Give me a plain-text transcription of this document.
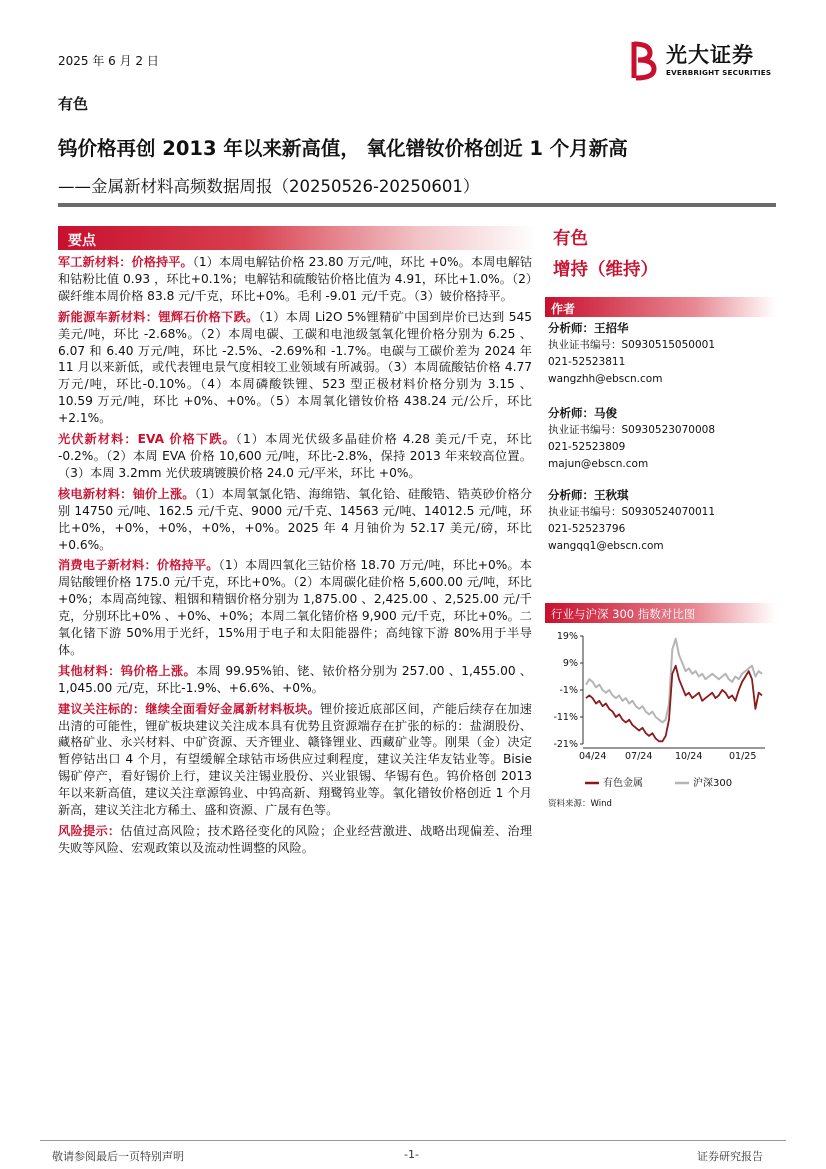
2025 年 6 月 2 日	光大证券
EVERBRIGHT SECURITIES
有色
钨价格再创 2013 年以来新高值， 氧化镨钕价格创近 1 个月新高
——金属新材料高频数据周报（20250526-20250601）
要点

军工新材料：价格持平。（1）本周电解钴价格 23.80 万元/吨，环比 +0%。本周电解钴和钴粉比值 0.93 ，环比+0.1%；电解钴和硫酸钴价格比值为 4.91，环比+1.0%。（2）碳纤维本周价格 83.8 元/千克，环比+0%。毛利 -9.01 元/千克。（3）铍价格持平。

新能源车新材料：锂辉石价格下跌。（1）本周 Li2O 5%锂精矿中国到岸价已达到 545 美元/吨，环比 -2.68%。（2）本周电碳、工碳和电池级氢氧化锂价格分别为 6.25 、6.07 和 6.40 万元/吨，环比 -2.5%、-2.69%和 -1.7%。电碳与工碳价差为 2024 年 11 月以来新低，或代表锂电景气度相较工业领域有所减弱。（3）本周硫酸钴价格 4.77 万元/吨，环比-0.10%。（4）本周磷酸铁锂、523 型正极材料价格分别为 3.15 、10.59 万元/吨，环比 +0%、+0%。（5）本周氧化镨钕价格 438.24 元/公斤，环比+2.1%。

光伏新材料：EVA 价格下跌。（1）本周光伏级多晶硅价格 4.28 美元/千克，环比 -0.2%。（2）本周 EVA 价格 10,600 元/吨，环比-2.8%，保持 2013 年来较高位置。（3）本周 3.2mm 光伏玻璃镀膜价格 24.0 元/平米，环比 +0%。

核电新材料：铀价上涨。（1）本周氧氯化锆、海绵锆、氧化铪、硅酸锆、锆英砂价格分别 14750 元/吨、162.5 元/千克、9000 元/千克、14563 元/吨、14012.5 元/吨，环比+0%，+0%，+0%，+0%，+0%。2025 年 4 月铀价为 52.17 美元/磅，环比+0.6%。

消费电子新材料：价格持平。（1）本周四氧化三钴价格 18.70 万元/吨，环比+0%。本周钴酸锂价格 175.0 元/千克，环比+0%。（2）本周碳化硅价格 5,600.00 元/吨，环比 +0%；本周高纯镓、粗铟和精铟价格分别为 1,875.00 、2,425.00 、2,525.00 元/千克，分别环比+0% 、+0%、+0%；本周二氧化锗价格 9,900 元/千克，环比+0%。二氧化锗下游 50%用于光纤，15%用于电子和太阳能器件；高纯镓下游 80%用于半导体。

其他材料：钨价格上涨。本周 99.95%铂、铑、铱价格分别为 257.00 、1,455.00 、1,045.00 元/克，环比-1.9%、+6.6%、+0%。

建议关注标的：继续全面看好金属新材料板块。锂价接近底部区间，产能后续存在加速出清的可能性，锂矿板块建议关注成本具有优势且资源端存在扩张的标的：盐湖股份、藏格矿业、永兴材料、中矿资源、天齐锂业、赣锋锂业、西藏矿业等。刚果（金）决定暂停钴出口 4 个月，有望缓解全球钴市场供应过剩程度，建议关注华友钴业等。Bisie 锡矿停产，看好锡价上行，建议关注锡业股份、兴业银锡、华锡有色。钨价格创 2013 年以来新高值，建议关注章源钨业、中钨高新、翔鹭钨业等。氧化镨钕价格创近 1 个月新高，建议关注北方稀土、盛和资源、广晟有色等。

风险提示：估值过高风险；技术路径变化的风险；企业经营激进、战略出现偏差、治理失败等风险、宏观政策以及流动性调整的风险。

有色
增持（维持）
作者
分析师：王招华
执业证书编号：S0930515050001
021-52523811
wangzhh@ebscn.com
分析师：马俊
执业证书编号：S0930523070008
021-52523809
majun@ebscn.com
分析师：王秋琪
执业证书编号：S0930524070011
021-52523796
wangqq1@ebscn.com
行业与沪深 300 指数对比图
19%
9%
-1%
-11%
-21%
04/24 07/24 10/24	01/25
有色金属	沪深300
资料来源：Wind
敬请参阅最后一页特别声明	-1-	证券研究报告
